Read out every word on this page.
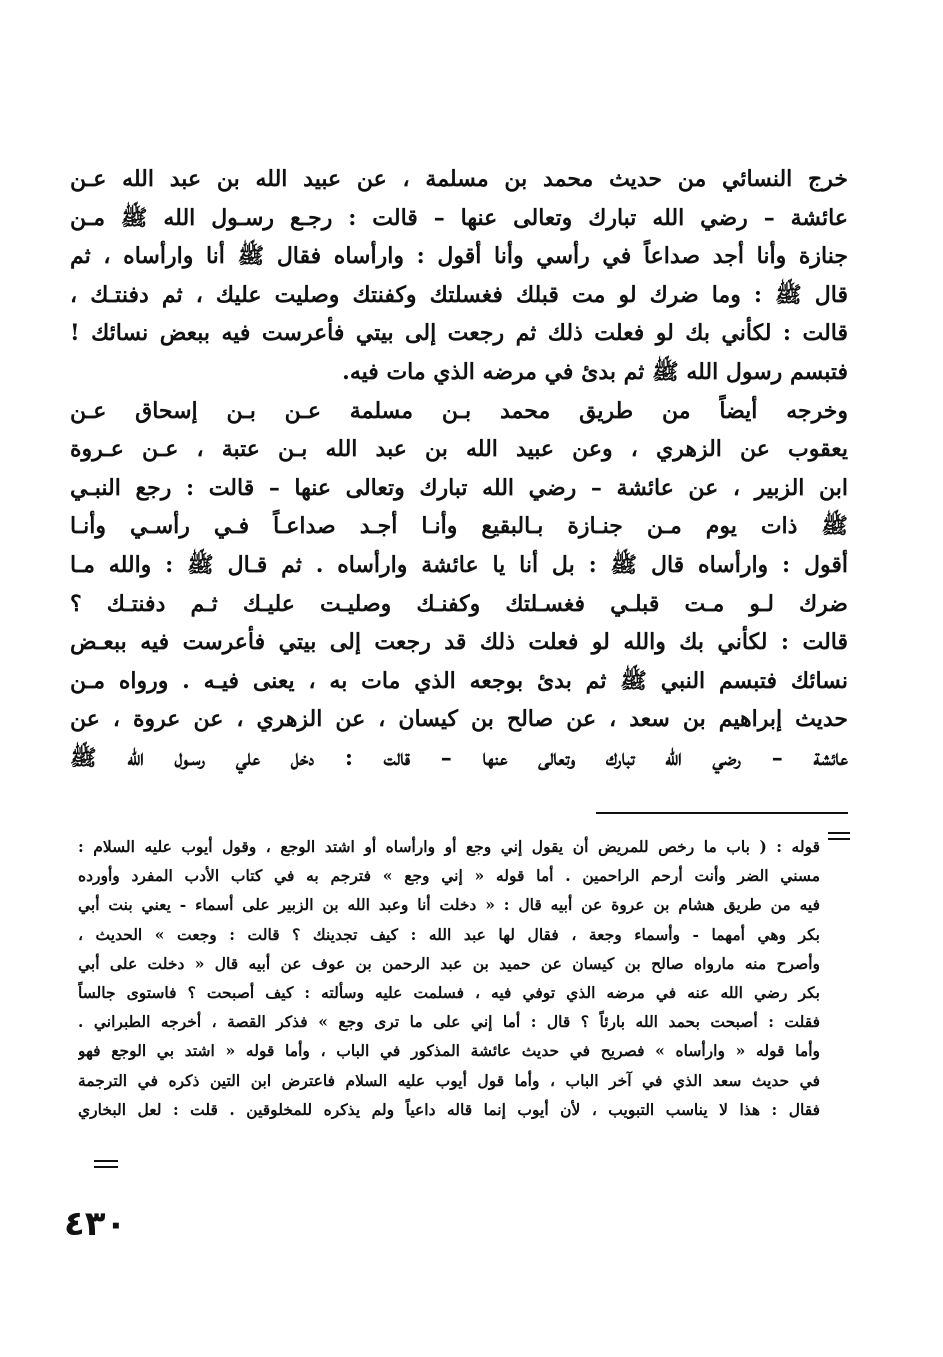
خرج النسائي من حديث محمد بن مسلمة ، عن عبيد الله بن عبد الله عـن
عائشة – رضي الله تبارك وتعالى عنها – قالت : رجـع رسـول الله ﷺ مـن
جنازة وأنا أجد صداعاً في رأسي وأنا أقول : وارأساه فقال ﷺ أنا وارأساه ، ثم
قال ﷺ : وما ضرك لو مت قبلك فغسلتك وكفنتك وصليت عليك ، ثم دفنتـك ،
قالت : لكأني بك لو فعلت ذلك ثم رجعت إلى بيتي فأعرست فيه ببعض نسائك !
فتبسم رسول الله ﷺ ثم بدئ في مرضه الذي مات فيه.
وخرجه أيضاً من طريق محمد بـن مسلمة عـن بـن إسحاق عـن
يعقوب عن الزهري ، وعن عبيد الله بن عبد الله بـن عتبة ، عـن عـروة
ابن الزبير ، عن عائشة – رضي الله تبارك وتعالى عنها – قالت : رجع النبـي
ﷺ ذات يوم مـن جنـازة بـالبقيع وأنـا أجـد صداعـاً فـي رأسـي وأنـا
أقول : وارأساه قال ﷺ : بل أنا يا عائشة وارأساه . ثم قـال ﷺ : والله مـا
ضرك لـو مـت قبلـي فغسـلتك وكفنـك وصليـت عليـك ثـم دفنتـك ؟
قالت : لكأني بك والله لو فعلت ذلك قد رجعت إلى بيتي فأعرست فيه ببعـض
نسائك فتبسم النبي ﷺ ثم بدئ بوجعه الذي مات به ، يعنى فيـه . ورواه مـن
حديث إبراهيم بن سعد ، عن صالح بن كيسان ، عن الزهري ، عن عروة ، عن
عائشة – رضي الله تبارك وتعالى عنها – قالت : دخل علي رسـول الله ﷺ
قوله : ( باب ما رخص للمريض أن يقول إني وجع أو وارأساه أو اشتد الوجع ، وقول أيوب عليه السلام :
مسني الضر وأنت أرحم الراحمين . أما قوله « إني وجع » فترجم به في كتاب الأدب المفرد وأورده
فيه من طريق هشام بن عروة عن أبيه قال : « دخلت أنا وعبد الله بن الزبير على أسماء - يعني بنت أبي
بكر وهي أمهما - وأسماء وجعة ، فقال لها عبد الله : كيف تجدينك ؟ قالت : وجعت » الحديث ،
وأصرح منه مارواه صالح بن كيسان عن حميد بن عبد الرحمن بن عوف عن أبيه قال « دخلت على أبي
بكر رضي الله عنه في مرضه الذي توفي فيه ، فسلمت عليه وسألته : كيف أصبحت ؟ فاستوى جالساً
فقلت : أصبحت بحمد الله بارئاً ؟ قال : أما إني على ما ترى وجع » فذكر القصة ، أخرجه الطبراني .
وأما قوله « وارأساه » فصريح في حديث عائشة المذكور في الباب ، وأما قوله « اشتد بي الوجع فهو
في حديث سعد الذي في آخر الباب ، وأما قول أيوب عليه السلام فاعترض ابن التين ذكره في الترجمة
فقال : هذا لا يناسب التبويب ، لأن أيوب إنما قاله داعياً ولم يذكره للمخلوقين . قلت : لعل البخاري
٤٣٠
